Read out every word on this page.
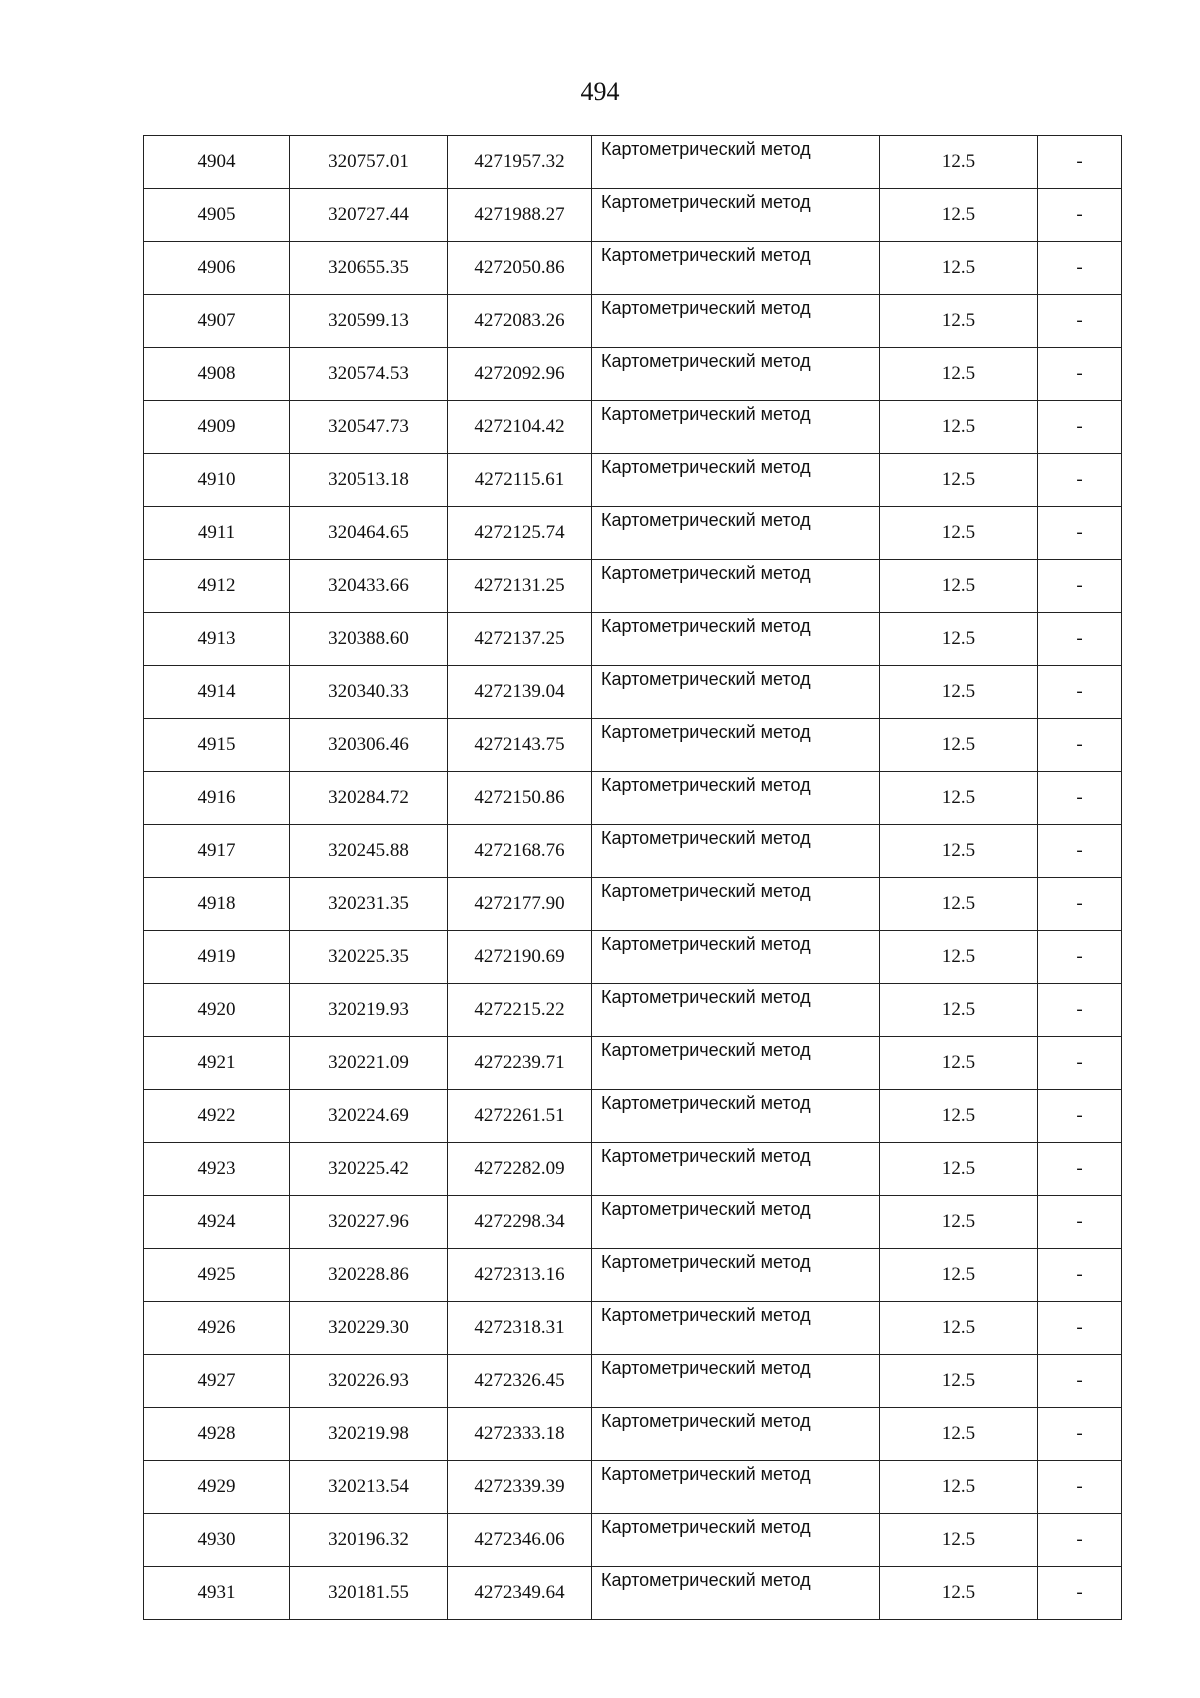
494
4904	320757.01	4271957.32	Картометрический метод	12.5	-
4905	320727.44	4271988.27	Картометрический метод	12.5	-
4906	320655.35	4272050.86	Картометрический метод	12.5	-
4907	320599.13	4272083.26	Картометрический метод	12.5	-
4908	320574.53	4272092.96	Картометрический метод	12.5	-
4909	320547.73	4272104.42	Картометрический метод	12.5	-
4910	320513.18	4272115.61	Картометрический метод	12.5	-
4911	320464.65	4272125.74	Картометрический метод	12.5	-
4912	320433.66	4272131.25	Картометрический метод	12.5	-
4913	320388.60	4272137.25	Картометрический метод	12.5	-
4914	320340.33	4272139.04	Картометрический метод	12.5	-
4915	320306.46	4272143.75	Картометрический метод	12.5	-
4916	320284.72	4272150.86	Картометрический метод	12.5	-
4917	320245.88	4272168.76	Картометрический метод	12.5	-
4918	320231.35	4272177.90	Картометрический метод	12.5	-
4919	320225.35	4272190.69	Картометрический метод	12.5	-
4920	320219.93	4272215.22	Картометрический метод	12.5	-
4921	320221.09	4272239.71	Картометрический метод	12.5	-
4922	320224.69	4272261.51	Картометрический метод	12.5	-
4923	320225.42	4272282.09	Картометрический метод	12.5	-
4924	320227.96	4272298.34	Картометрический метод	12.5	-
4925	320228.86	4272313.16	Картометрический метод	12.5	-
4926	320229.30	4272318.31	Картометрический метод	12.5	-
4927	320226.93	4272326.45	Картометрический метод	12.5	-
4928	320219.98	4272333.18	Картометрический метод	12.5	-
4929	320213.54	4272339.39	Картометрический метод	12.5	-
4930	320196.32	4272346.06	Картометрический метод	12.5	-
4931	320181.55	4272349.64	Картометрический метод	12.5	-
